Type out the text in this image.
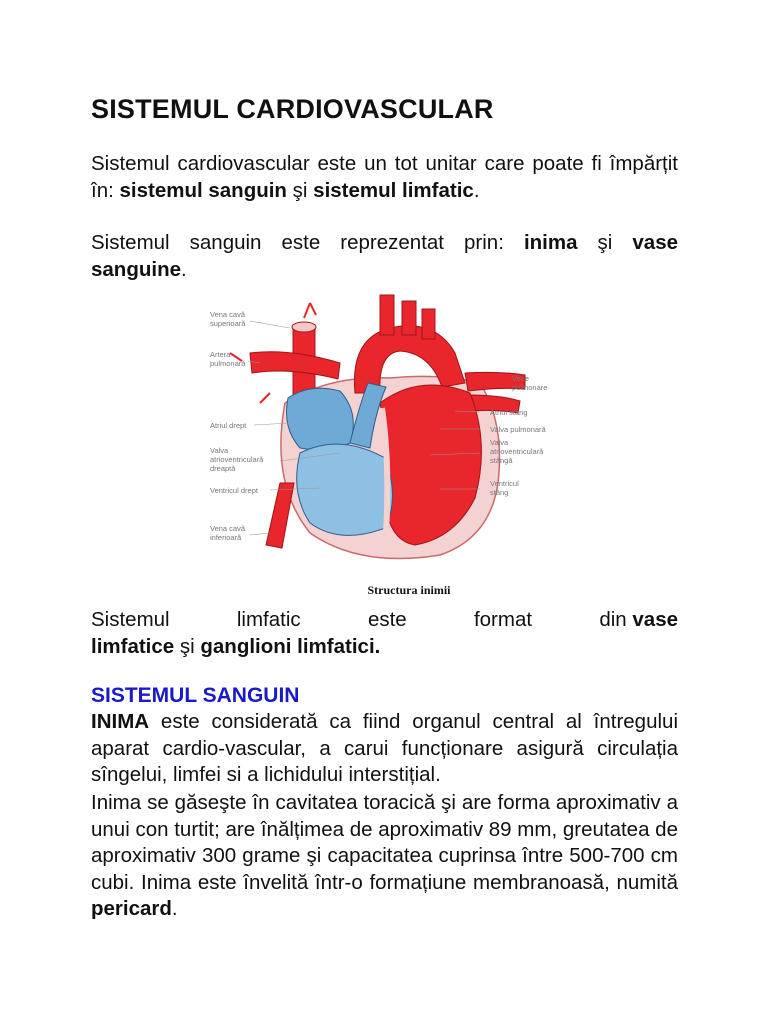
SISTEMUL CARDIOVASCULAR

Sistemul cardiovascular este un tot unitar care poate fi împărțit în: sistemul sanguin şi sistemul limfatic.

Sistemul sanguin este reprezentat prin: inima şi vase sanguine.

Vena cavă
superioară
Artera
pulmonară
Atriul drept
Valva
atrioventriculară
dreaptă
Ventricul drept
Vena cavă
inferioară
Vene
pulmonare
Atriul stâng
Valva pulmonară
Valva
atrioventriculară
stângă
Ventricul
stâng
Structura inimii

Sistemul	limfatic	este	format	din vase
limfatice şi ganglioni limfatici.

SISTEMUL SANGUIN

INIMA este considerată ca fiind organul central al întregului aparat cardio-vascular, a carui funcționare asigură circulația sîngelui, limfei si a lichidului interstițial.

Inima se găseşte în cavitatea toracică şi are forma aproximativ a unui con turtit; are înălțimea de aproximativ 89 mm, greutatea de aproximativ 300 grame şi capacitatea cuprinsa între 500-700 cm cubi. Inima este învelită într-o formațiune membranoasă, numită pericard.
